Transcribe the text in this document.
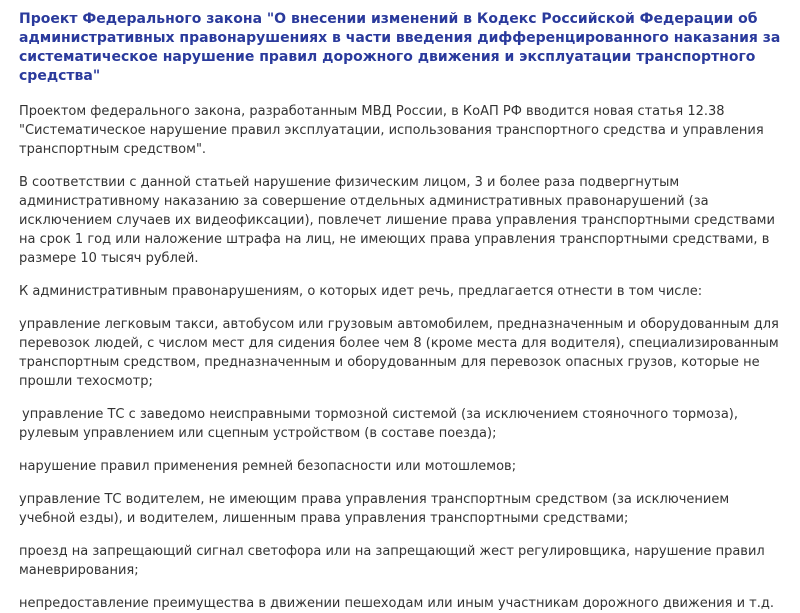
Проект Федерального закона "О внесении изменений в Кодекс Российской Федерации об административных правонарушениях в части введения дифференцированного наказания за систематическое нарушение правил дорожного движения и эксплуатации транспортного средства"

Проектом федерального закона, разработанным МВД России, в КоАП РФ вводится новая статья 12.38 "Систематическое нарушение правил эксплуатации, использования транспортного средства и управления транспортным средством".

В соответствии с данной статьей нарушение физическим лицом, 3 и более раза подвергнутым административному наказанию за совершение отдельных административных правонарушений (за исключением случаев их видеофиксации), повлечет лишение права управления транспортными средствами на срок 1 год или наложение штрафа на лиц, не имеющих права управления транспортными средствами, в размере 10 тысяч рублей.

К административным правонарушениям, о которых идет речь, предлагается отнести в том числе:

управление легковым такси, автобусом или грузовым автомобилем, предназначенным и оборудованным для перевозок людей, с числом мест для сидения более чем 8 (кроме места для водителя), специализированным транспортным средством, предназначенным и оборудованным для перевозок опасных грузов, которые не прошли техосмотр;

управление ТС с заведомо неисправными тормозной системой (за исключением стояночного тормоза), рулевым управлением или сцепным устройством (в составе поезда);

нарушение правил применения ремней безопасности или мотошлемов;

управление ТС водителем, не имеющим права управления транспортным средством (за исключением учебной езды), и водителем, лишенным права управления транспортными средствами;

проезд на запрещающий сигнал светофора или на запрещающий жест регулировщика, нарушение правил маневрирования;

непредоставление преимущества в движении пешеходам или иным участникам дорожного движения и т.д.
